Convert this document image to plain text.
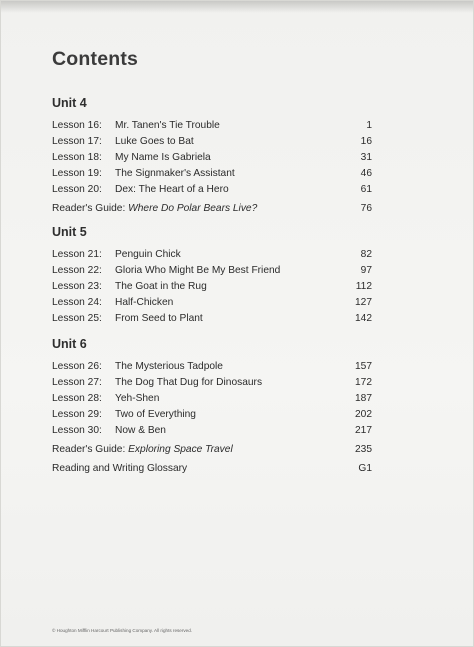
Contents
Unit 4
Lesson 16: Mr. Tanen's Tie Trouble	1
Lesson 17: Luke Goes to Bat	16
Lesson 18: My Name Is Gabriela	31
Lesson 19: The Signmaker's Assistant	46
Lesson 20: Dex: The Heart of a Hero	61
Reader's Guide: Where Do Polar Bears Live?	76
Unit 5
Lesson 21: Penguin Chick	82
Lesson 22: Gloria Who Might Be My Best Friend	97
Lesson 23: The Goat in the Rug	112
Lesson 24: Half-Chicken	127
Lesson 25: From Seed to Plant	142
Unit 6
Lesson 26: The Mysterious Tadpole	157
Lesson 27: The Dog That Dug for Dinosaurs	172
Lesson 28: Yeh-Shen	187
Lesson 29: Two of Everything	202
Lesson 30: Now & Ben	217
Reader's Guide: Exploring Space Travel	235
Reading and Writing Glossary	G1
© Houghton Mifflin Harcourt Publishing Company. All rights reserved.
